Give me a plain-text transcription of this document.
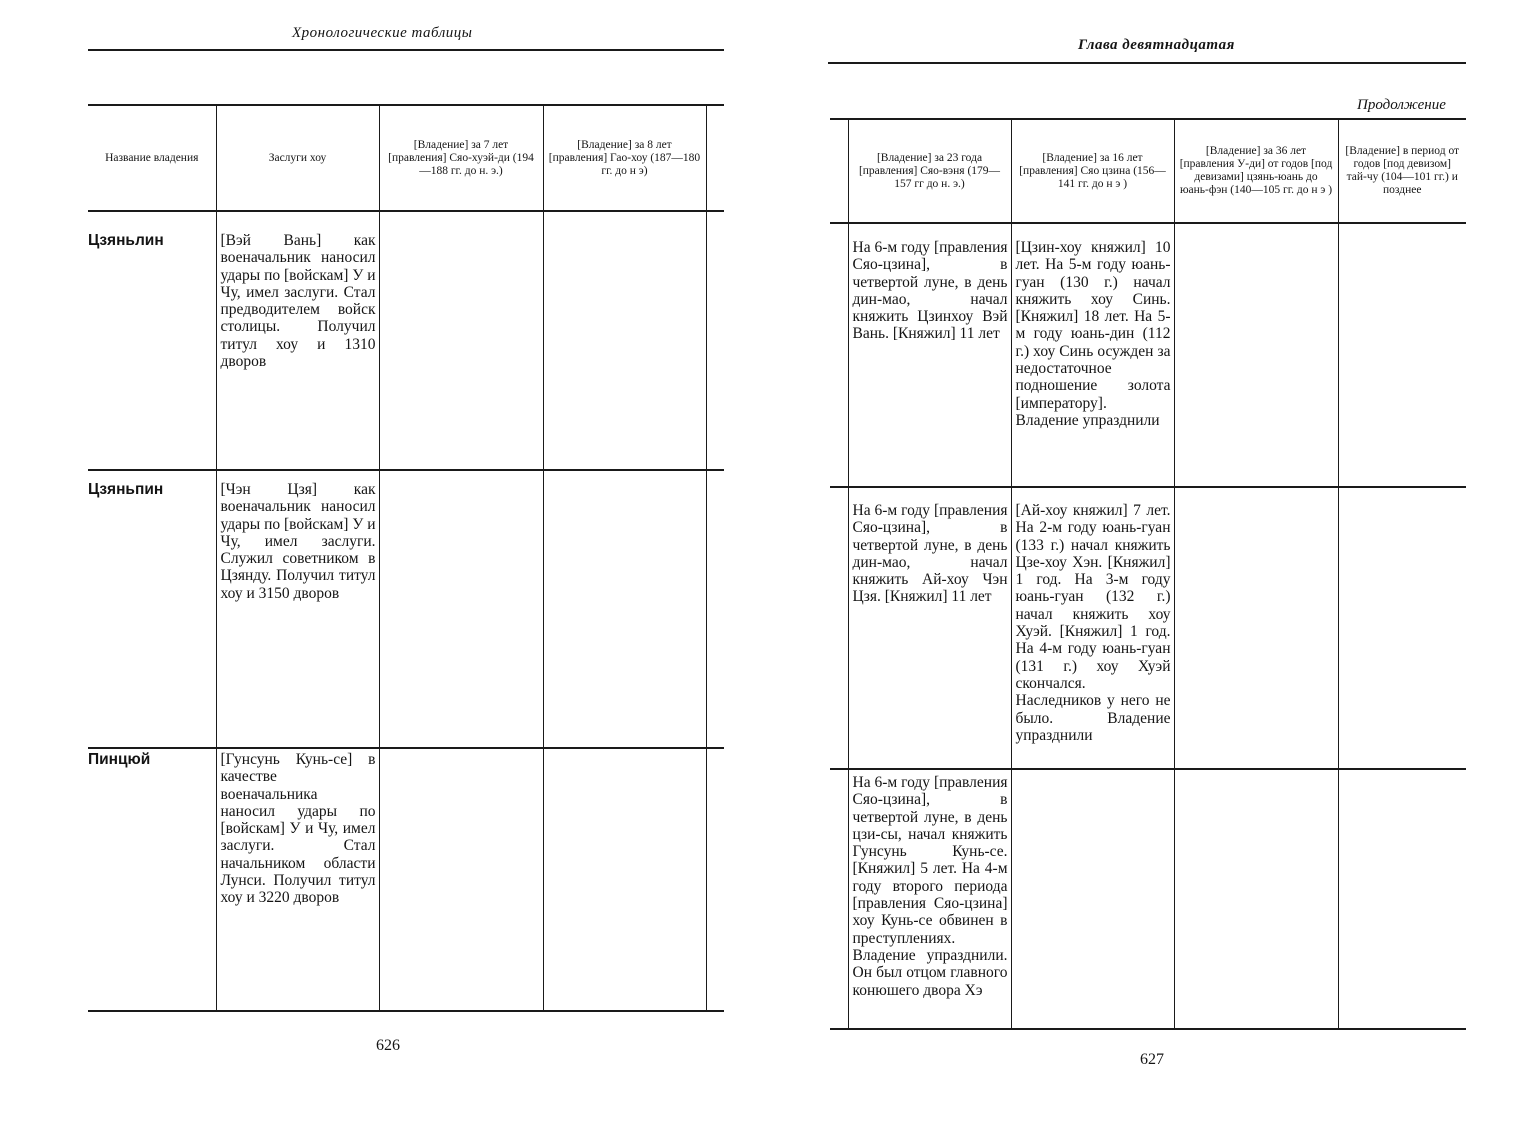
Хронологические таблицы
Название владения	Заслуги хоу	[Владение] за 7 лет [правления] Сяо-хуэй-ди (194—188 гг. до н. э.)	[Владение] за 8 лет [правления] Гао-хоу (187—180 гг. до н э)	
Цзяньлин	[Вэй Вань] как военачальник наносил удары по [войскам] У и Чу, имел заслуги. Стал предводителем войск столицы. Получил титул хоу и 1310 дворов			
Цзяньпин	[Чэн Цзя] как военачальник наносил удары по [войскам] У и Чу, имел заслуги. Служил советником в Цзянду. Получил титул хоу и 3150 дворов			
Пинцюй	[Гунсунь Кунь-се] в качестве военачальника наносил удары по [войскам] У и Чу, имел заслуги. Стал начальником области Лунси. Получил титул хоу и 3220 дворов			
626
Глава девятнадцатая
Продолжение
	[Владение] за 23 года [правления] Сяо-вэня (179—157 гг до н. э.)	[Владение] за 16 лет [правления] Сяо цзина (156—141 гг. до н э )	[Владение] за 36 лет [правления У-ди] от годов [под девизами] цзянь-юань до юань-фэн (140—105 гг. до н э )	[Владение] в период от годов [под девизом] тай-чу (104—101 гг.) и позднее
	На 6-м году [правления Сяо-цзина], в четвертой луне, в день дин-мао, начал княжить Цзинхоу Вэй Вань. [Княжил] 11 лет	[Цзин-хоу княжил] 10 лет. На 5-м году юань-гуан (130 г.) начал княжить хоу Синь. [Княжил] 18 лет. На 5-м году юань-дин (112 г.) хоу Синь осужден за недостаточное подношение золота [императору]. Владение упразднили		
	На 6-м году [правления Сяо-цзина], в четвертой луне, в день дин-мао, начал княжить Ай-хоу Чэн Цзя. [Княжил] 11 лет	[Ай-хоу княжил] 7 лет. На 2-м году юань-гуан (133 г.) начал княжить Цзе-хоу Хэн. [Княжил] 1 год. На 3-м году юань-гуан (132 г.) начал княжить хоу Хуэй. [Княжил] 1 год. На 4-м году юань-гуан (131 г.) хоу Хуэй скончался. Наследников у него не было. Владение упразднили		
	На 6-м году [правления Сяо-цзина], в четвертой луне, в день цзи-сы, начал княжить Гунсунь Кунь-се. [Княжил] 5 лет. На 4-м году второго периода [правления Сяо-цзина] хоу Кунь-се обвинен в преступлениях. Владение упразднили. Он был отцом главного конюшего двора Хэ			
627
